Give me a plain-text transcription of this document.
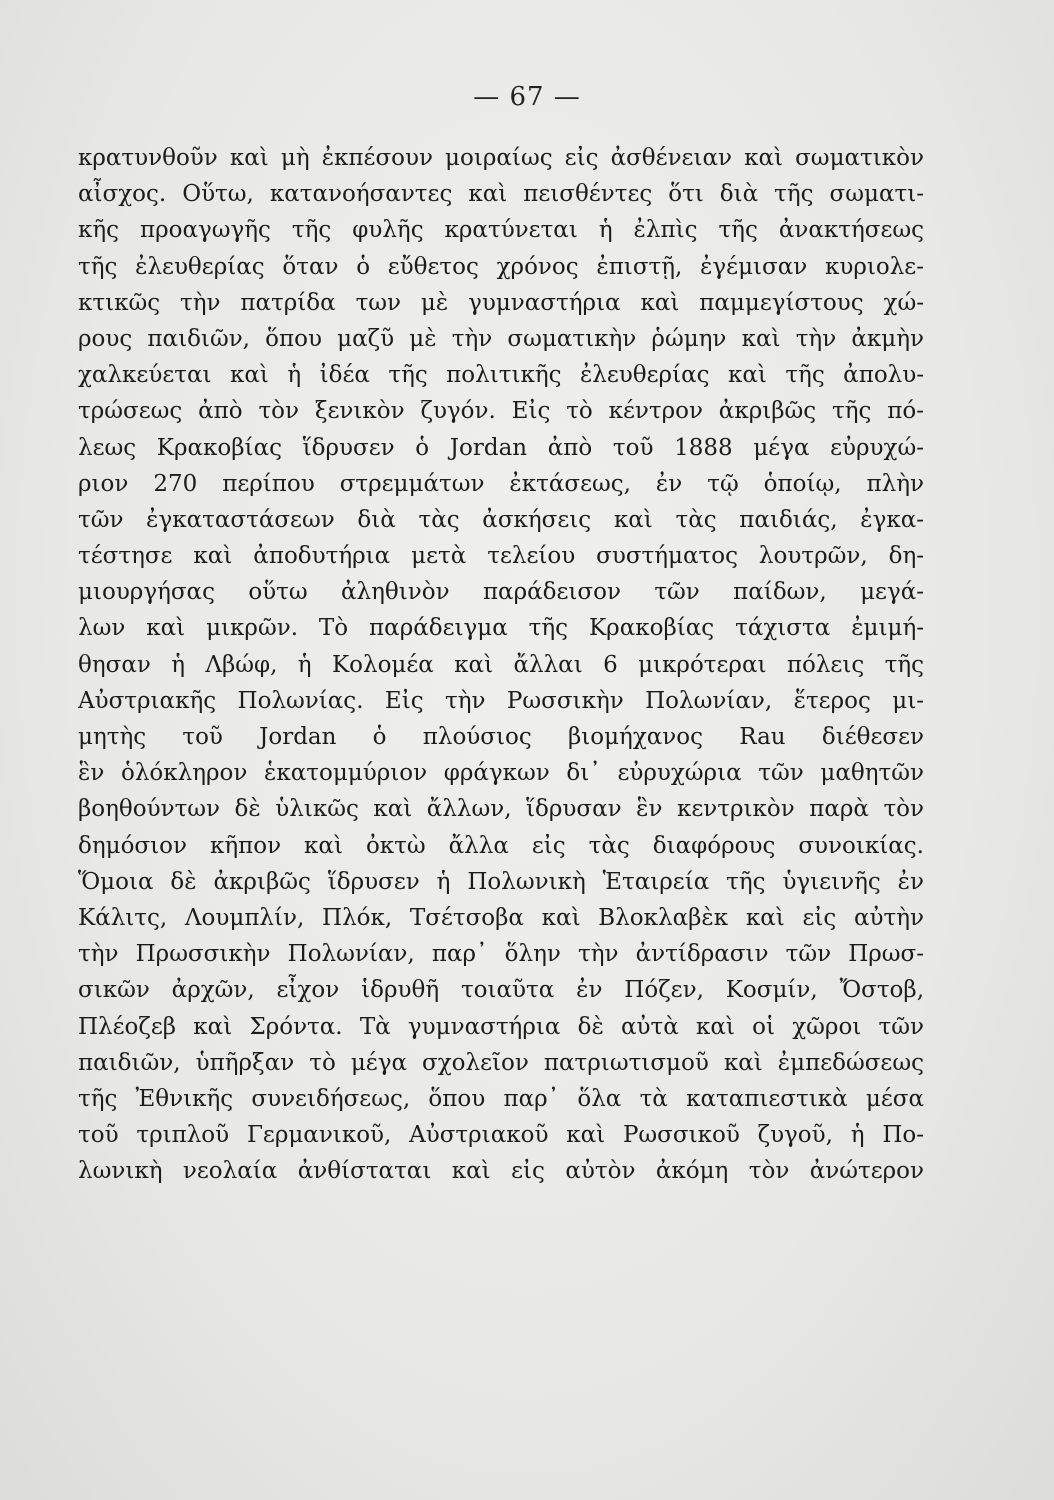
— 67 —
κρατυνθοῦν καὶ μὴ ἐκπέσουν μοιραίως εἰς ἀσθένειαν καὶ σωματικὸν
αἶσχος. Οὕτω, κατανοήσαντες καὶ πεισθέντες ὅτι διὰ τῆς σωματι-
κῆς προαγωγῆς τῆς φυλῆς κρατύνεται ἡ ἐλπὶς τῆς ἀνακτήσεως
τῆς ἐλευθερίας ὅταν ὁ εὔθετος χρόνος ἐπιστῇ, ἐγέμισαν κυριολε-
κτικῶς τὴν πατρίδα των μὲ γυμναστήρια καὶ παμμεγίστους χώ-
ρους παιδιῶν, ὅπου μαζῦ μὲ τὴν σωματικὴν ῥώμην καὶ τὴν ἀκμὴν
χαλκεύεται καὶ ἡ ἰδέα τῆς πολιτικῆς ἐλευθερίας καὶ τῆς ἀπολυ-
τρώσεως ἀπὸ τὸν ξενικὸν ζυγόν. Εἰς τὸ κέντρον ἀκριβῶς τῆς πό-
λεως Κρακοβίας ἵδρυσεν ὁ Jordan ἀπὸ τοῦ 1888 μέγα εὐρυχώ-
ριον 270 περίπου στρεμμάτων ἐκτάσεως, ἐν τῷ ὁποίῳ, πλὴν
τῶν ἐγκαταστάσεων διὰ τὰς ἀσκήσεις καὶ τὰς παιδιάς, ἐγκα-
τέστησε καὶ ἀποδυτήρια μετὰ τελείου συστήματος λουτρῶν, δη-
μιουργήσας οὕτω ἀληθινὸν παράδεισον τῶν παίδων, μεγά-
λων καὶ μικρῶν. Τὸ παράδειγμα τῆς Κρακοβίας τάχιστα ἐμιμή-
θησαν ἡ Λβώφ, ἡ Κολομέα καὶ ἄλλαι 6 μικρότεραι πόλεις τῆς
Αὐστριακῆς Πολωνίας. Εἰς τὴν Ρωσσικὴν Πολωνίαν, ἕτερος μι-
μητὴς τοῦ Jordan ὁ πλούσιος βιομήχανος Rau διέθεσεν
ἓν ὁλόκληρον ἑκατομμύριον φράγκων δι᾽ εὐρυχώρια τῶν μαθητῶν
βοηθούντων δὲ ὑλικῶς καὶ ἄλλων, ἵδρυσαν ἓν κεντρικὸν παρὰ τὸν
δημόσιον κῆπον καὶ ὀκτὼ ἄλλα εἰς τὰς διαφόρους συνοικίας.
Ὅμοια δὲ ἀκριβῶς ἵδρυσεν ἡ Πολωνικὴ Ἑταιρεία τῆς ὑγιεινῆς ἐν
Κάλιτς, Λουμπλίν, Πλόκ, Τσέτσοβα καὶ Βλοκλαβὲκ καὶ εἰς αὐτὴν
τὴν Πρωσσικὴν Πολωνίαν, παρ᾽ ὅλην τὴν ἀντίδρασιν τῶν Πρωσ-
σικῶν ἀρχῶν, εἶχον ἱδρυθῆ τοιαῦτα ἐν Πόζεν, Κοσμίν, Ὄστοβ,
Πλέοζεβ καὶ Σρόντα. Τὰ γυμναστήρια δὲ αὐτὰ καὶ οἱ χῶροι τῶν
παιδιῶν, ὑπῆρξαν τὸ μέγα σχολεῖον πατριωτισμοῦ καὶ ἐμπεδώσεως
τῆς Ἐθνικῆς συνειδήσεως, ὅπου παρ᾽ ὅλα τὰ καταπιεστικὰ μέσα
τοῦ τριπλοῦ Γερμανικοῦ, Αὐστριακοῦ καὶ Ρωσσικοῦ ζυγοῦ, ἡ Πο-
λωνικὴ νεολαία ἀνθίσταται καὶ εἰς αὐτὸν ἀκόμη τὸν ἀνώτερον
